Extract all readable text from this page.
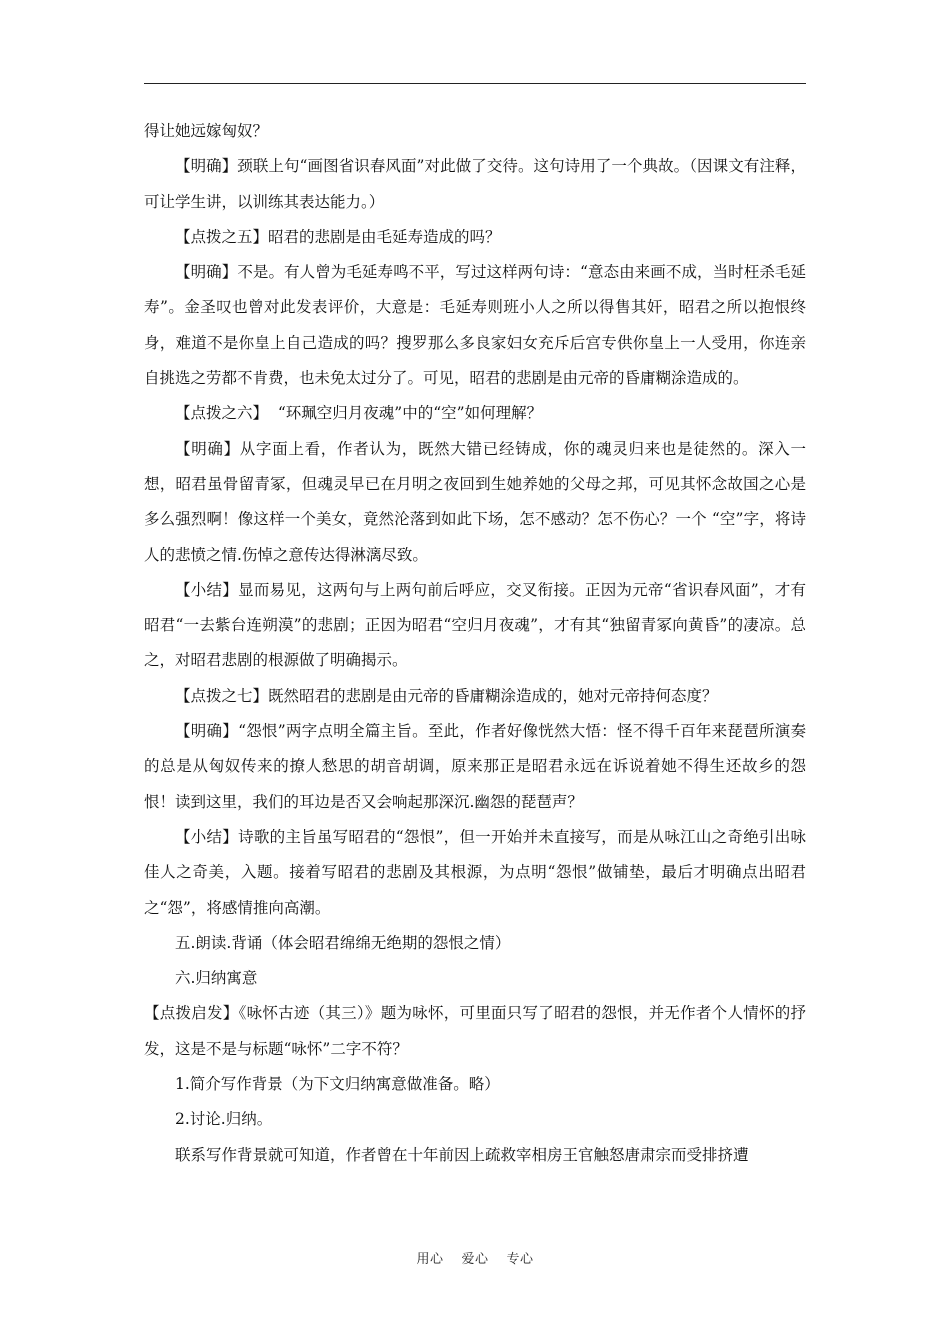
得让她远嫁匈奴？

【明确】颈联上句“画图省识春风面”对此做了交待。这句诗用了一个典故。（因课文有注释，可让学生讲，以训练其表达能力。）

【点拨之五】昭君的悲剧是由毛延寿造成的吗？

【明确】不是。有人曾为毛延寿鸣不平，写过这样两句诗：“意态由来画不成，当时枉杀毛延寿”。金圣叹也曾对此发表评价，大意是：毛延寿则班小人之所以得售其奸，昭君之所以抱恨终身，难道不是你皇上自己造成的吗？搜罗那么多良家妇女充斥后宫专供你皇上一人受用，你连亲自挑选之劳都不肯费，也未免太过分了。可见，昭君的悲剧是由元帝的昏庸糊涂造成的。

【点拨之六】  “环珮空归月夜魂”中的“空”如何理解？

【明确】从字面上看，作者认为，既然大错已经铸成，你的魂灵归来也是徒然的。深入一想，昭君虽骨留青冢，但魂灵早已在月明之夜回到生她养她的父母之邦，可见其怀念故国之心是多么强烈啊！像这样一个美女，竟然沦落到如此下场，怎不感动？怎不伤心？一个 “空”字，将诗人的悲愤之情.伤悼之意传达得淋漓尽致。

【小结】显而易见，这两句与上两句前后呼应，交叉衔接。正因为元帝“省识春风面”，才有昭君“一去紫台连朔漠”的悲剧；正因为昭君“空归月夜魂”，才有其“独留青冢向黄昏”的凄凉。总之，对昭君悲剧的根源做了明确揭示。

【点拨之七】既然昭君的悲剧是由元帝的昏庸糊涂造成的，她对元帝持何态度？

【明确】“怨恨”两字点明全篇主旨。至此，作者好像恍然大悟：怪不得千百年来琵琶所演奏的总是从匈奴传来的撩人愁思的胡音胡调，原来那正是昭君永远在诉说着她不得生还故乡的怨恨！读到这里，我们的耳边是否又会响起那深沉.幽怨的琵琶声？

【小结】诗歌的主旨虽写昭君的“怨恨”，但一开始并未直接写，而是从咏江山之奇绝引出咏佳人之奇美，入题。接着写昭君的悲剧及其根源，为点明“怨恨”做铺垫，最后才明确点出昭君之“怨”，将感情推向高潮。

五.朗读.背诵（体会昭君绵绵无绝期的怨恨之情）

六.归纳寓意

【点拨启发】《咏怀古迹（其三）》题为咏怀，可里面只写了昭君的怨恨，并无作者个人情怀的抒发，这是不是与标题“咏怀”二字不符？

1.简介写作背景（为下文归纳寓意做准备。略）

2.讨论.归纳。

联系写作背景就可知道，作者曾在十年前因上疏救宰相房王官触怒唐肃宗而受排挤遭

用心 爱心 专心
